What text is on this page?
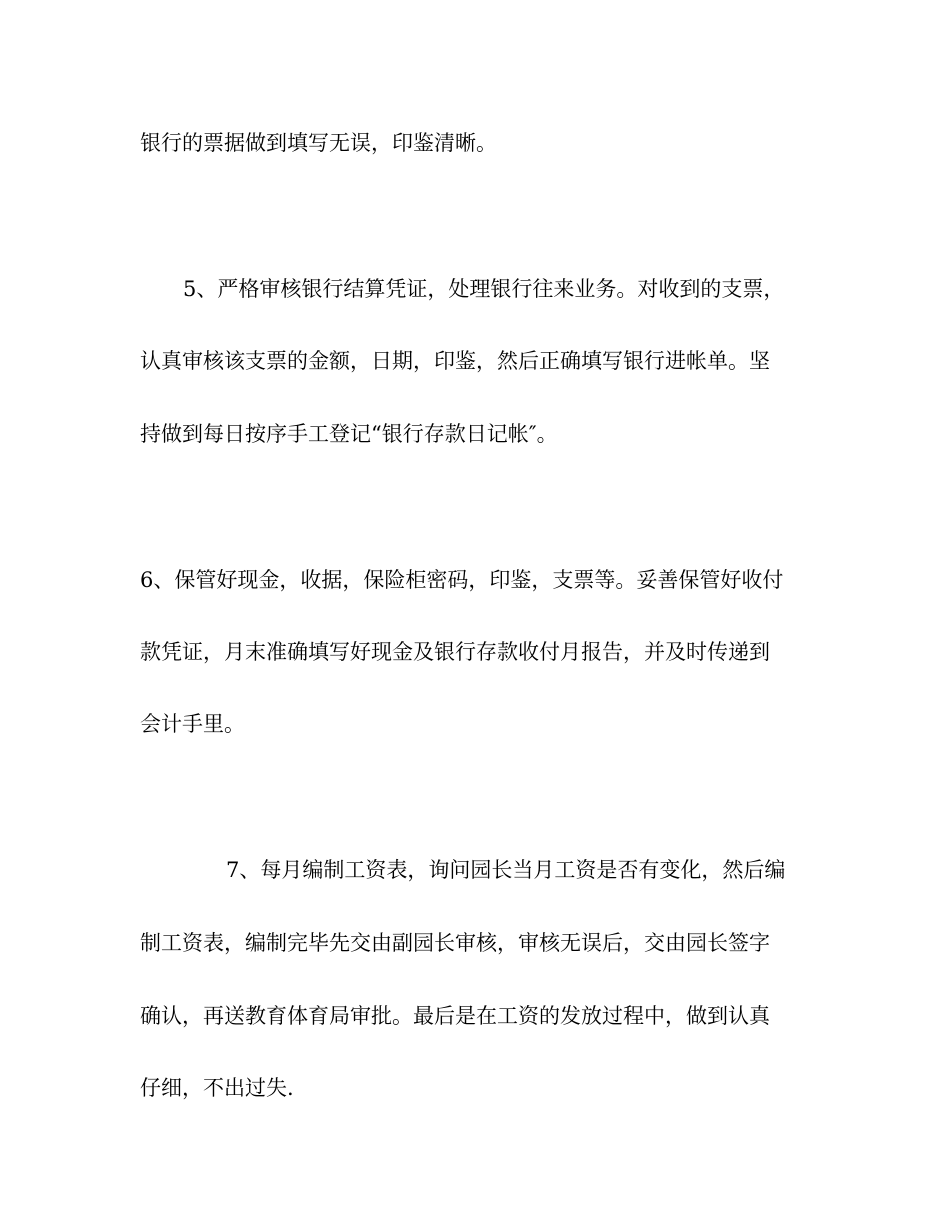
银行的票据做到填写无误，印鉴清晰。
5、严格审核银行结算凭证，处理银行往来业务。对收到的支票，
认真审核该支票的金额，日期，印鉴，然后正确填写银行进帐单。坚
持做到每日按序手工登记“银行存款日记帐″。
6、保管好现金，收据，保险柜密码，印鉴，支票等。妥善保管好收付
款凭证，月末准确填写好现金及银行存款收付月报告，并及时传递到
会计手里。
7、每月编制工资表，询问园长当月工资是否有变化，然后编
制工资表，编制完毕先交由副园长审核，审核无误后，交由园长签字
确认，再送教育体育局审批。最后是在工资的发放过程中，做到认真
仔细，不出过失.
